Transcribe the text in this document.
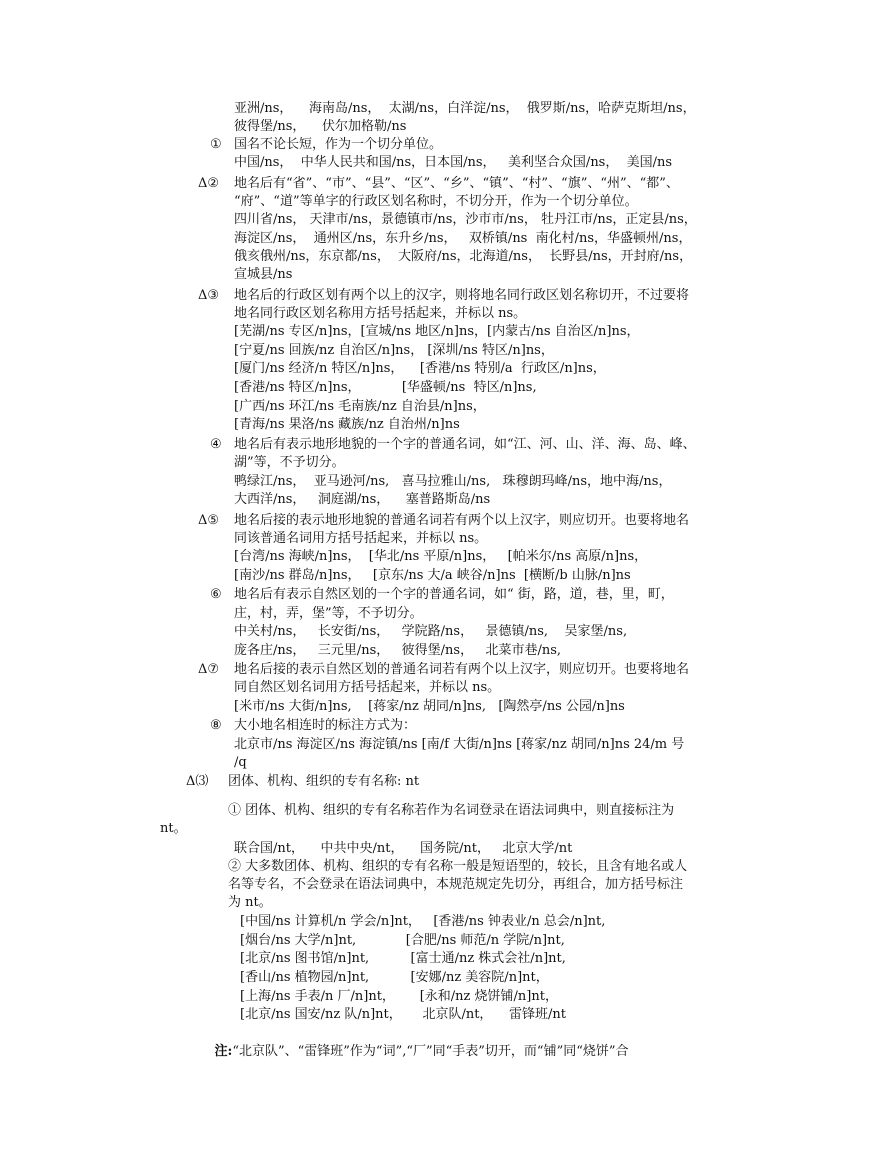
亚洲/ns，    海南岛/ns，  太湖/ns，白洋淀/ns，  俄罗斯/ns，哈萨克斯坦/ns，
彼得堡/ns，    伏尔加格勒/ns
① 国名不论长短，作为一个切分单位。
中国/ns，  中华人民共和国/ns，日本国/ns，   美利坚合众国/ns，  美国/ns
Δ② 地名后有“省”、“市”、“县”、“区”、“乡”、“镇”、“村”、“旗”、“州”、“都”、
“府”、“道”等单字的行政区划名称时，不切分开，作为一个切分单位。
四川省/ns， 天津市/ns，景德镇市/ns，沙市市/ns， 牡丹江市/ns，正定县/ns，
海淀区/ns，  通州区/ns，东升乡/ns，   双桥镇/ns  南化村/ns，华盛顿州/ns，
俄亥俄州/ns，东京都/ns，  大阪府/ns，北海道/ns，  长野县/ns，开封府/ns，
宣城县/ns
Δ③ 地名后的行政区划有两个以上的汉字，则将地名同行政区划名称切开，不过要将
地名同行政区划名称用方括号括起来，并标以 ns。
[芜湖/ns 专区/n]ns，[宣城/ns 地区/n]ns，[内蒙古/ns 自治区/n]ns，
[宁夏/ns 回族/nz 自治区/n]ns， [深圳/ns 特区/n]ns，
[厦门/ns 经济/n 特区/n]ns，    [香港/ns 特别/a  行政区/n]ns，
[香港/ns 特区/n]ns，          [华盛顿/ns  特区/n]ns,
[广西/ns 环江/ns 毛南族/nz 自治县/n]ns，
[青海/ns 果洛/ns 藏族/nz 自治州/n]ns
④ 地名后有表示地形地貌的一个字的普通名词，如“江、河、山、洋、海、岛、峰、
湖”等，不予切分。
鸭绿江/ns，  亚马逊河/ns,   喜马拉雅山/ns,   珠穆朗玛峰/ns，地中海/ns，
大西洋/ns，   洞庭湖/ns，    塞普路斯岛/ns
Δ⑤ 地名后接的表示地形地貌的普通名词若有两个以上汉字，则应切开。也要将地名
同该普通名词用方括号括起来，并标以 ns。
[台湾/ns 海峡/n]ns，  [华北/ns 平原/n]ns，   [帕米尔/ns 高原/n]ns，
[南沙/ns 群岛/n]ns，   [京东/ns 大/a 峡谷/n]ns  [横断/b 山脉/n]ns
⑥ 地名后有表示自然区划的一个字的普通名词，如“ 街，路，道，巷，里，町，
庄，村，弄，堡”等，不予切分。
中关村/ns，   长安街/ns，   学院路/ns，   景德镇/ns,    吴家堡/ns,
庞各庄/ns，   三元里/ns，   彼得堡/ns，   北菜市巷/ns,
Δ⑦ 地名后接的表示自然区划的普通名词若有两个以上汉字，则应切开。也要将地名
同自然区划名词用方括号括起来，并标以 ns。
[米市/ns 大街/n]ns,    [蒋家/nz 胡同/n]ns,   [陶然亭/ns 公园/n]ns
⑧ 大小地名相连时的标注方式为：
北京市/ns 海淀区/ns 海淀镇/ns [南/f 大街/n]ns [蒋家/nz 胡同/n]ns 24/m 号
/q
Δ⑶ 团体、机构、组织的专有名称: nt
① 团体、机构、组织的专有名称若作为名词登录在语法词典中，则直接标注为
nt。
联合国/nt，    中共中央/nt，    国务院/nt，   北京大学/nt
② 大多数团体、机构、组织的专有名称一般是短语型的，较长，且含有地名或人
名等专名，不会登录在语法词典中，本规范规定先切分，再组合，加方括号标注
为 nt。
[中国/ns 计算机/n 学会/n]nt，   [香港/ns 钟表业/n 总会/n]nt,
[烟台/ns 大学/n]nt,            [合肥/ns 师范/n 学院/n]nt,
[北京/ns 图书馆/n]nt,          [富士通/nz 株式会社/n]nt,
[香山/ns 植物园/n]nt,          [安娜/nz 美容院/n]nt，
[上海/ns 手表/n 厂/n]nt，      [永和/nz 烧饼铺/n]nt，
[北京/ns 国安/nz 队/n]nt，     北京队/nt，    雷锋班/nt

注:“北京队”、“雷锋班”作为“词”,“厂”同“手表”切开，而“铺”同“烧饼”合
